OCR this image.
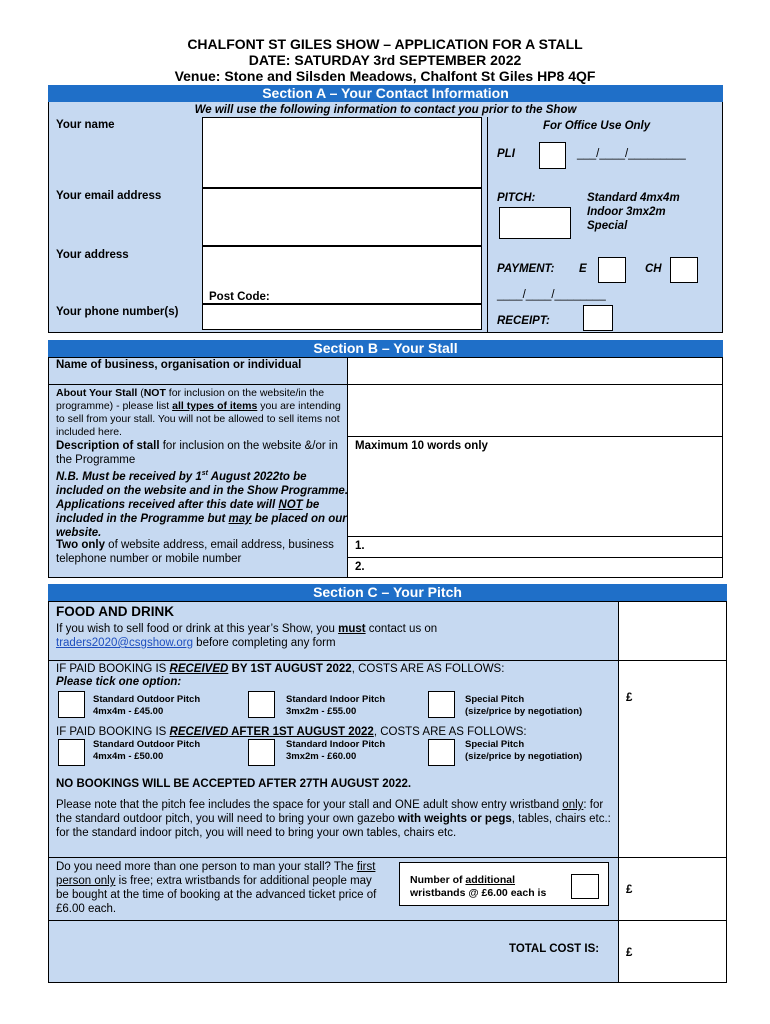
CHALFONT ST GILES SHOW – APPLICATION FOR A STALL
DATE: SATURDAY 3rd SEPTEMBER 2022
Venue: Stone and Silsden Meadows, Chalfont St Giles HP8 4QF
Section A – Your Contact Information
We will use the following information to contact you prior to the Show
Your name
Your email address
Your address
Post Code:
Your phone number(s)
For Office Use Only
PLI	___/____/_________
PITCH:	Standard 4mx4m
Indoor 3mx2m
Special
PAYMENT: E	CH
____/____/________
RECEIPT:
Section B – Your Stall
Name of business, organisation or individual
About Your Stall (NOT for inclusion on the website/in the programme) - please list all types of items you are intending to sell from your stall. You will not be allowed to sell items not included here.
Description of stall for inclusion on the website &/or in the Programme
N.B. Must be received by 1st August 2022to be included on the website and in the Show Programme. Applications received after this date will NOT be included in the Programme but may be placed on our website.
Maximum 10 words only
Two only of website address, email address, business telephone number or mobile number
1.
2.
Section C – Your Pitch
FOOD AND DRINK
If you wish to sell food or drink at this year’s Show, you must contact us on
traders2020@csgshow.org before completing any form
IF PAID BOOKING IS RECEIVED BY 1ST AUGUST 2022, COSTS ARE AS FOLLOWS:
Please tick one option:
Standard Outdoor Pitch
4mx4m - £45.00
Standard Indoor Pitch
3mx2m - £55.00
Special Pitch
(size/price by negotiation)
IF PAID BOOKING IS RECEIVED AFTER 1ST AUGUST 2022, COSTS ARE AS FOLLOWS:
Standard Outdoor Pitch
4mx4m - £50.00
Standard Indoor Pitch
3mx2m - £60.00
Special Pitch
(size/price by negotiation)
NO BOOKINGS WILL BE ACCEPTED AFTER 27TH AUGUST 2022.
Please note that the pitch fee includes the space for your stall and ONE adult show entry wristband only: for the standard outdoor pitch, you will need to bring your own gazebo with weights or pegs, tables, chairs etc.: for the standard indoor pitch, you will need to bring your own tables, chairs etc.
£
Do you need more than one person to man your stall? The first person only is free; extra wristbands for additional people may be bought at the time of booking at the advanced ticket price of £6.00 each.
Number of additional
wristbands @ £6.00 each is	£
TOTAL COST IS: £
